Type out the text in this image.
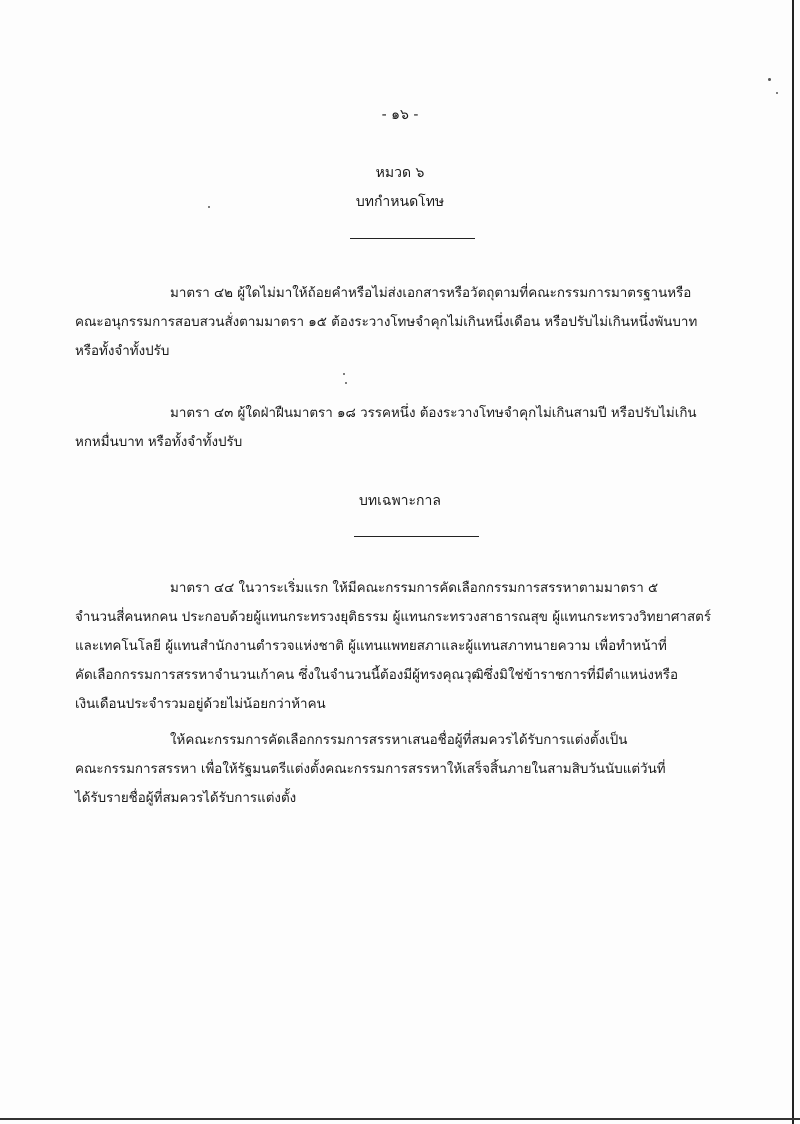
- ๑๖ -
หมวด ๖
บทกำหนดโทษ
มาตรา ๔๒ ผู้ใดไม่มาให้ถ้อยคำหรือไม่ส่งเอกสารหรือวัตถุตามที่คณะกรรมการมาตรฐานหรือ
คณะอนุกรรมการสอบสวนสั่งตามมาตรา ๑๕ ต้องระวางโทษจำคุกไม่เกินหนึ่งเดือน หรือปรับไม่เกินหนึ่งพันบาท
หรือทั้งจำทั้งปรับ
มาตรา ๔๓ ผู้ใดฝ่าฝืนมาตรา ๑๘ วรรคหนึ่ง ต้องระวางโทษจำคุกไม่เกินสามปี หรือปรับไม่เกิน
หกหมื่นบาท หรือทั้งจำทั้งปรับ
บทเฉพาะกาล
มาตรา ๔๔ ในวาระเริ่มแรก ให้มีคณะกรรมการคัดเลือกกรรมการสรรหาตามมาตรา ๕
จำนวนสี่คนหกคน ประกอบด้วยผู้แทนกระทรวงยุติธรรม ผู้แทนกระทรวงสาธารณสุข ผู้แทนกระทรวงวิทยาศาสตร์
และเทคโนโลยี ผู้แทนสำนักงานตำรวจแห่งชาติ ผู้แทนแพทยสภาและผู้แทนสภาทนายความ เพื่อทำหน้าที่
คัดเลือกกรรมการสรรหาจำนวนเก้าคน ซึ่งในจำนวนนี้ต้องมีผู้ทรงคุณวุฒิซึ่งมิใช่ข้าราชการที่มีตำแหน่งหรือ
เงินเดือนประจำรวมอยู่ด้วยไม่น้อยกว่าห้าคน
ให้คณะกรรมการคัดเลือกกรรมการสรรหาเสนอชื่อผู้ที่สมควรได้รับการแต่งตั้งเป็น
คณะกรรมการสรรหา เพื่อให้รัฐมนตรีแต่งตั้งคณะกรรมการสรรหาให้เสร็จสิ้นภายในสามสิบวันนับแต่วันที่
ได้รับรายชื่อผู้ที่สมควรได้รับการแต่งตั้ง
